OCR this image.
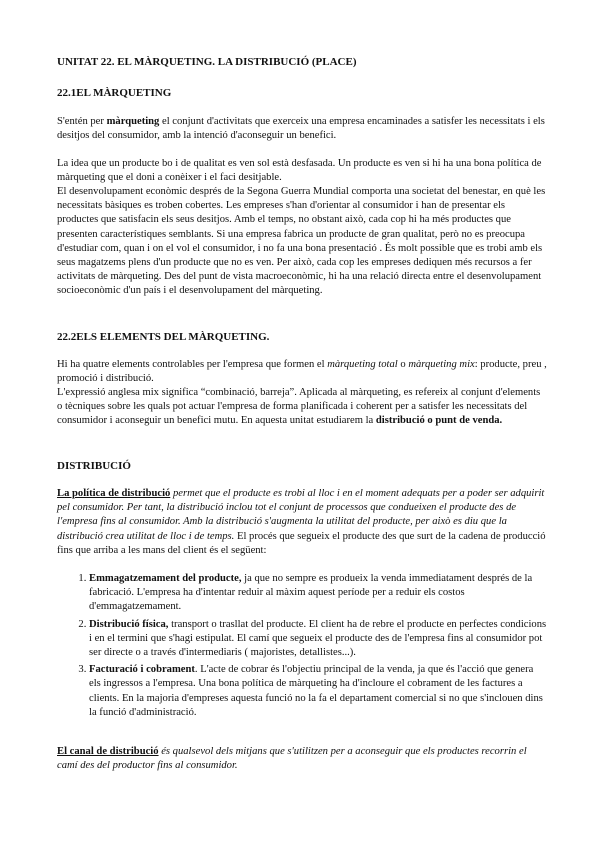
UNITAT 22. EL MÀRQUETING. LA DISTRIBUCIÓ (PLACE)
22.1EL MÀRQUETING
S'entén per màrqueting el conjunt d'activitats que exerceix una empresa encaminades a satisfer les necessitats i els desitjos del consumidor, amb la intenció d'aconseguir un benefici.
La idea que un producte bo i de qualitat es ven sol està desfasada. Un producte es ven si hi ha una bona política de màrqueting que el doni a conèixer i el faci desitjable.
El desenvolupament econòmic després de la Segona Guerra Mundial comporta una societat del benestar, en què les necessitats bàsiques es troben cobertes. Les empreses s'han d'orientar al consumidor i han de presentar els productes que satisfacin els seus desitjos. Amb el temps, no obstant això, cada cop hi ha més productes que presenten característiques semblants. Si una empresa fabrica un producte de gran qualitat, però no es preocupa d'estudiar com, quan i on el vol el consumidor, i no fa una bona presentació . És molt possible que es trobi amb els seus magatzems plens d'un producte que no es ven. Per això, cada cop les empreses dediquen més recursos a fer activitats de màrqueting. Des del punt de vista macroeconòmic, hi ha una relació directa entre el desenvolupament socioeconòmic d'un país i el desenvolupament del màrqueting.
22.2ELS ELEMENTS DEL MÀRQUETING.
Hi ha quatre elements controlables per l'empresa que formen el màrqueting total o màrqueting mix: producte, preu , promoció i distribució.
L'expressió anglesa mix significa “combinació, barreja”. Aplicada al màrqueting, es refereix al conjunt d'elements o tècniques sobre les quals pot actuar l'empresa de forma planificada i coherent per a satisfer les necessitats del consumidor i aconseguir un benefici mutu. En aquesta unitat estudiarem la distribució o punt de venda.
DISTRIBUCIÓ
La política de distribució permet que el producte es trobi al lloc i en el moment adequats per a poder ser adquirit pel consumidor. Per tant, la distribució inclou tot el conjunt de processos que condueixen el producte des de l'empresa fins al consumidor. Amb la distribució s'augmenta la utilitat del producte, per això es diu que la distribució crea utilitat de lloc i de temps. El procés que segueix el producte des que surt de la cadena de producció fins que arriba a les mans del client és el següent:
1. Emmagatzemament del producte, ja que no sempre es produeix la venda immediatament després de la fabricació. L'empresa ha d'intentar reduir al màxim aquest període per a reduir els costos d'emmagatzemament.
2. Distribució física, transport o trasllat del producte. El client ha de rebre el producte en perfectes condicions i en el termini que s'hagi estipulat. El camí que segueix el producte des de l'empresa fins al consumidor pot ser directe o a través d'intermediaris ( majoristes, detallistes...).
3. Facturació i cobrament. L'acte de cobrar és l'objectiu principal de la venda, ja que és l'acció que genera els ingressos a l'empresa. Una bona política de màrqueting ha d'incloure el cobrament de les factures a clients. En la majoria d'empreses aquesta funció no la fa el departament comercial si no que s'inclouen dins la funció d'administració.
El canal de distribució és qualsevol dels mitjans que s'utilitzen per a aconseguir que els productes recorrin el camí des del productor fins al consumidor.
